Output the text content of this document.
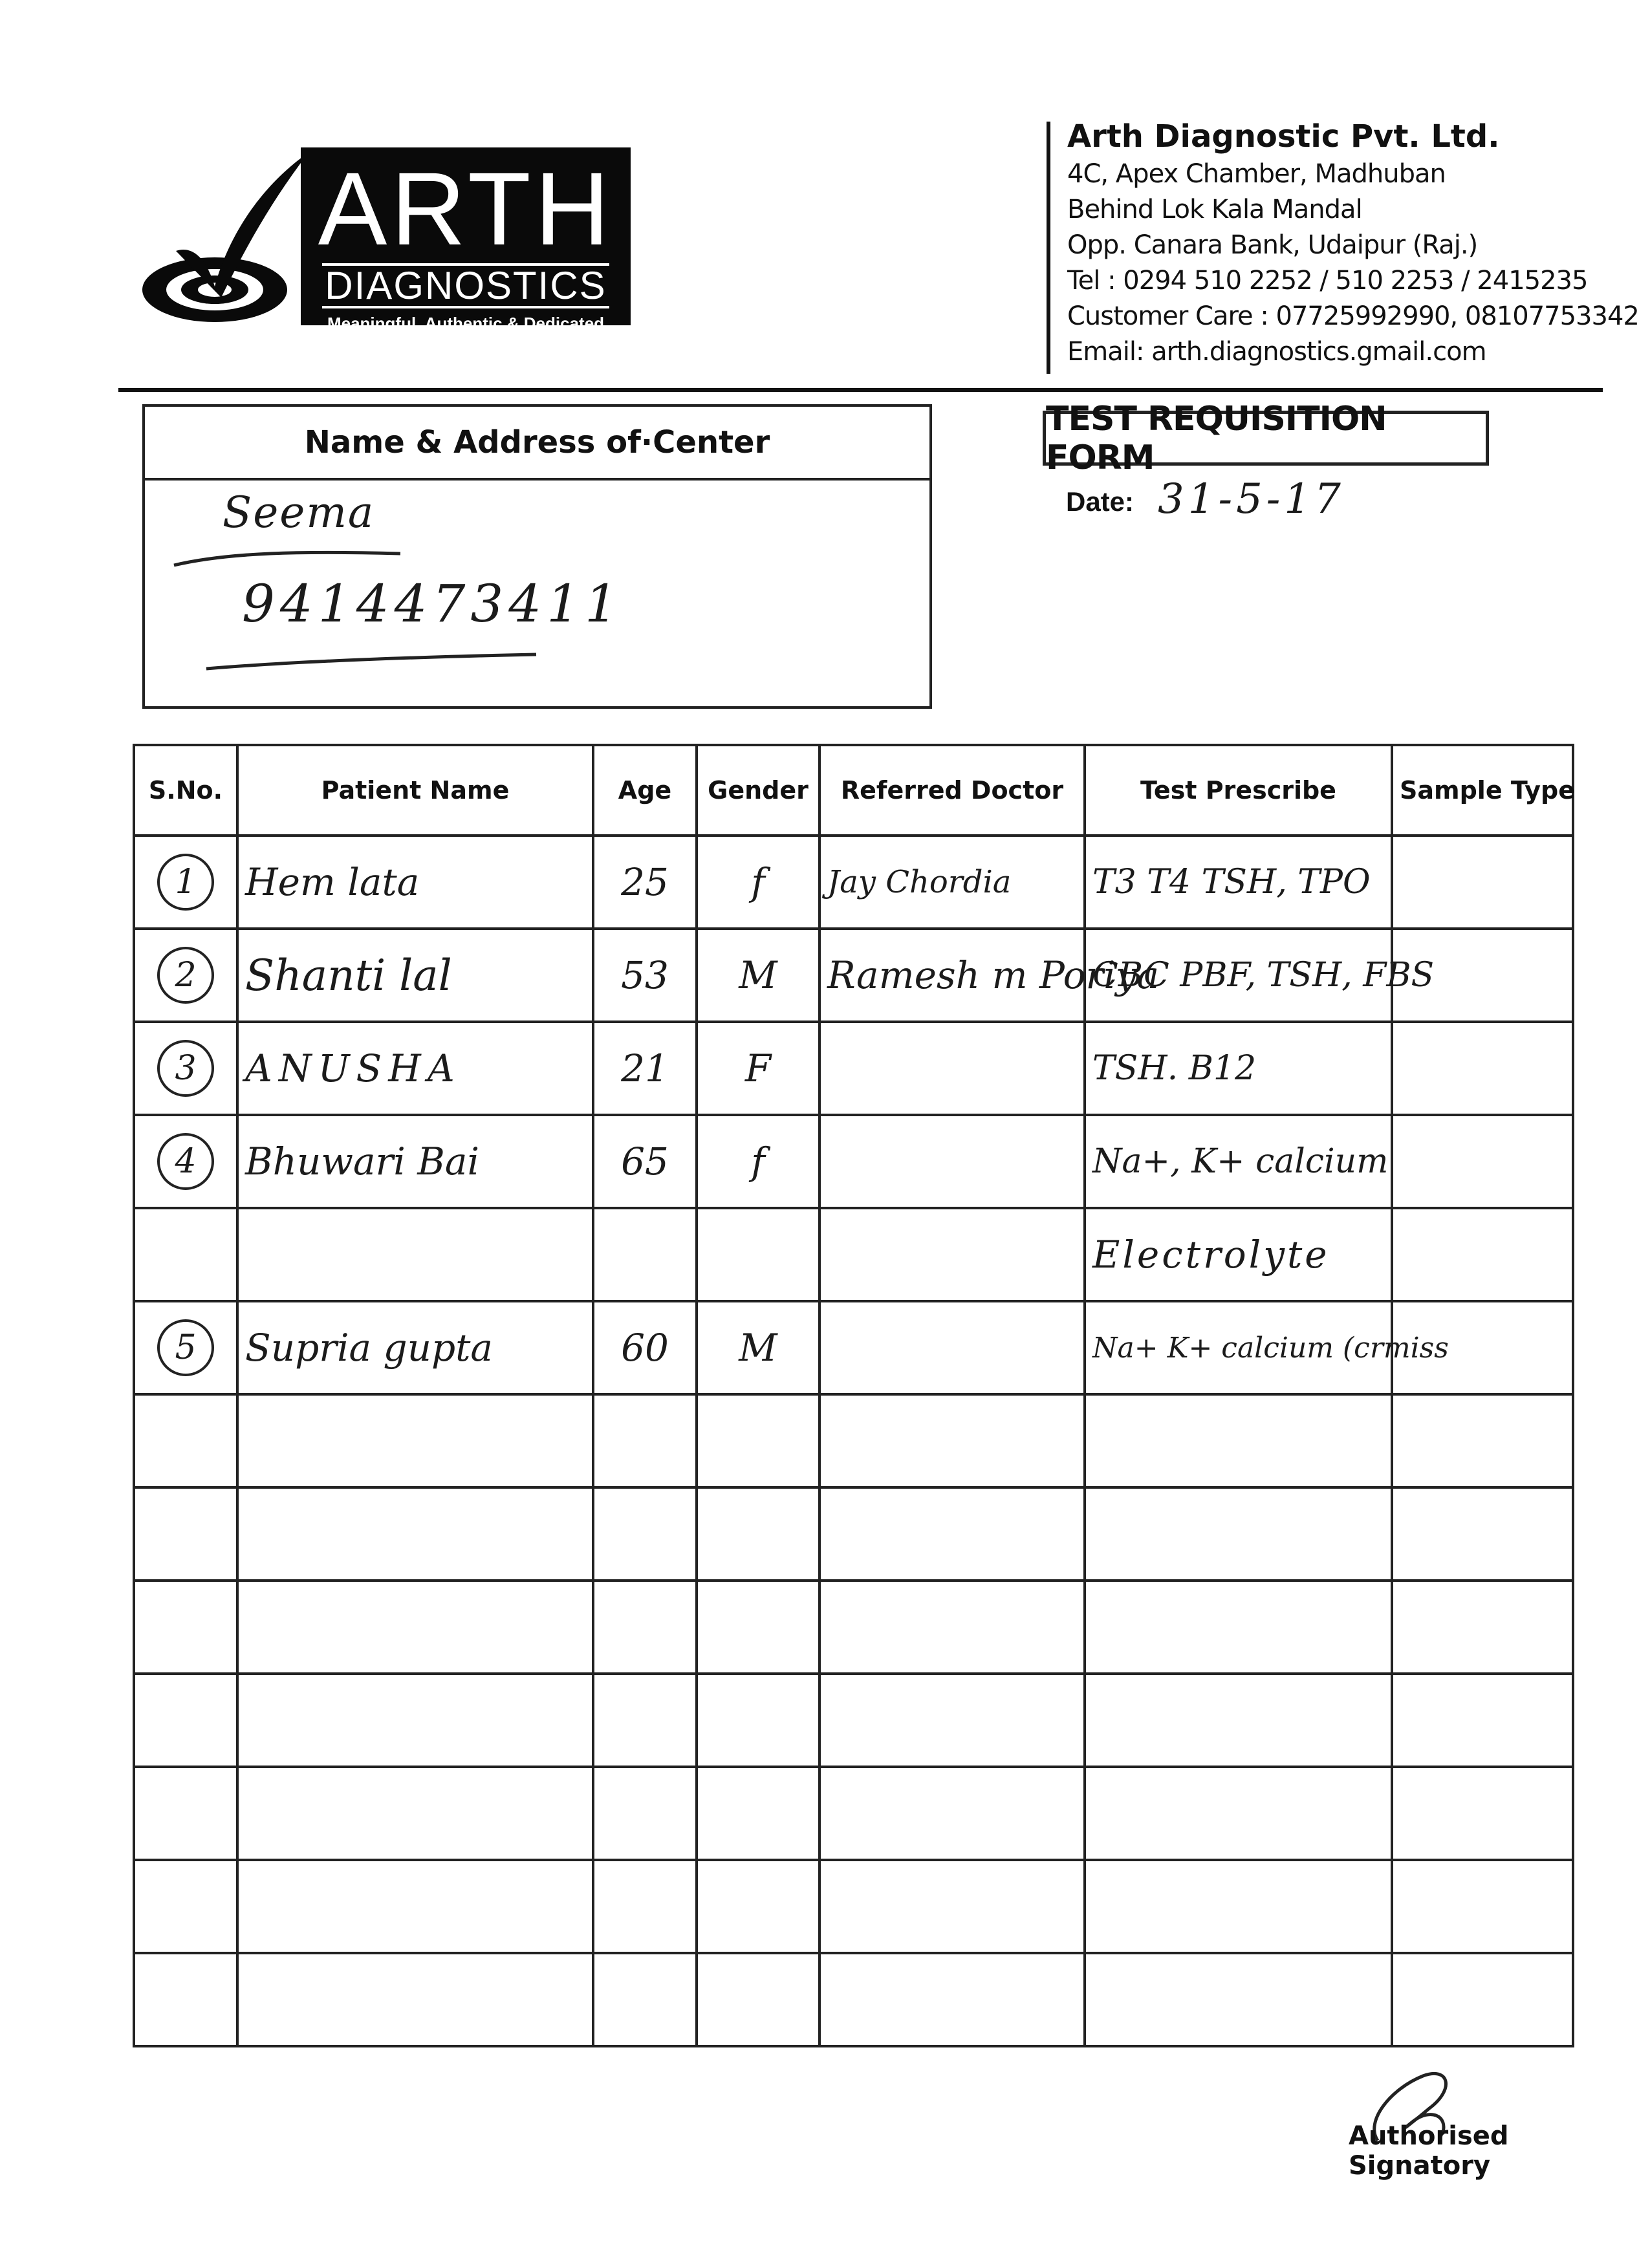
ARTH
DIAGNOSTICS
Meaningful, Authentic & Dedicated
Arth Diagnostic Pvt. Ltd.
4C, Apex Chamber, Madhuban
Behind Lok Kala Mandal
Opp. Canara Bank, Udaipur (Raj.)
Tel : 0294 510 2252 / 510 2253 / 2415235
Customer Care : 07725992990, 08107753342
Email: arth.diagnostics.gmail.com
Name & Address of·Center
Seema
9414473411
TEST REQUISITION FORM
Date: 31-5-17
S.No.	Patient Name	Age	Gender	Referred Doctor	Test Prescribe	Sample Type
1	Hem lata	25	f	Jay Chordia	T3 T4 TSH, TPO	
2	Shanti lal	53	M	Ramesh m Poriya	CBC PBF, TSH, FBS	
3	ANUSHA	21	F		TSH. B12	
4	Bhuwari Bai	65	f		Na+, K+ calcium	
					Electrolyte	
5	Supria gupta	60	M		Na+ K+ calcium (crmiss	

Authorised Signatory
